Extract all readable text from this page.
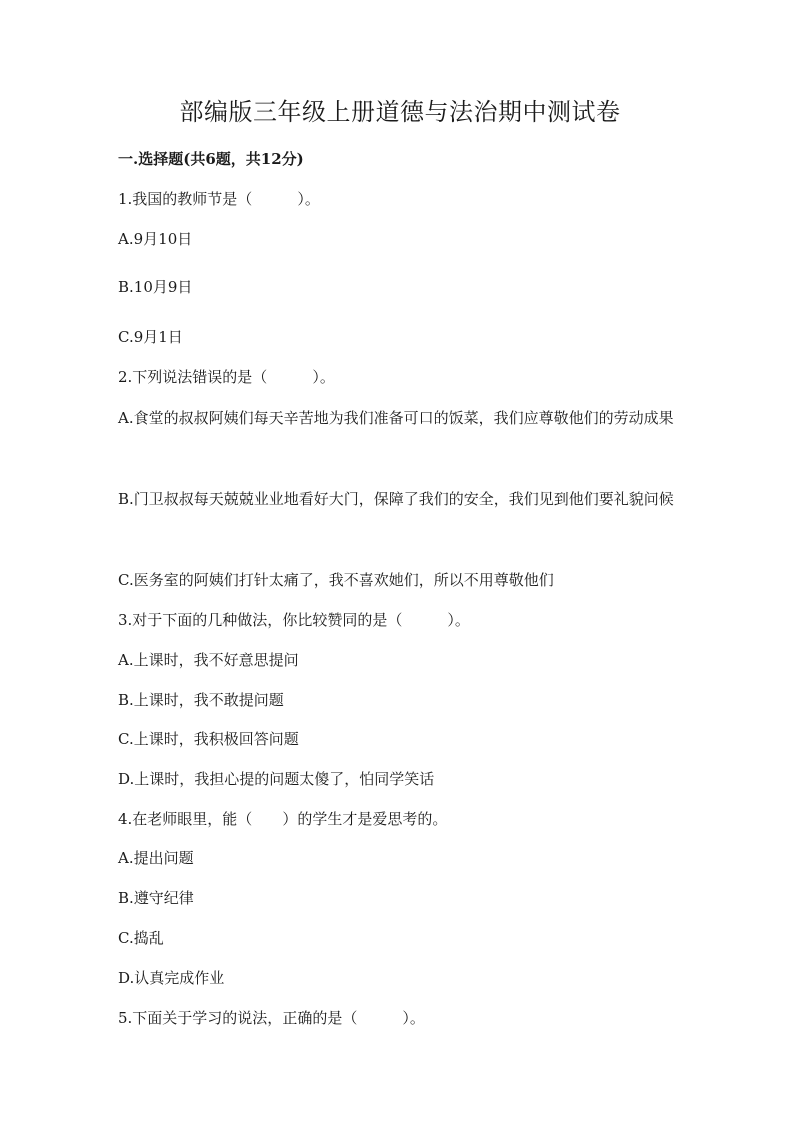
部编版三年级上册道德与法治期中测试卷
一.选择题(共6题，共12分)
1.我国的教师节是（　　　）。
A.9月10日
B.10月9日
C.9月1日
2.下列说法错误的是（　　　）。
A.食堂的叔叔阿姨们每天辛苦地为我们准备可口的饭菜，我们应尊敬他们的劳动成果
B.门卫叔叔每天兢兢业业地看好大门，保障了我们的安全，我们见到他们要礼貌问候
C.医务室的阿姨们打针太痛了，我不喜欢她们，所以不用尊敬他们
3.对于下面的几种做法，你比较赞同的是（　　　）。
A.上课时，我不好意思提问
B.上课时，我不敢提问题
C.上课时，我积极回答问题
D.上课时，我担心提的问题太傻了，怕同学笑话
4.在老师眼里，能（　　）的学生才是爱思考的。
A.提出问题
B.遵守纪律
C.捣乱
D.认真完成作业
5.下面关于学习的说法，正确的是（　　　）。
